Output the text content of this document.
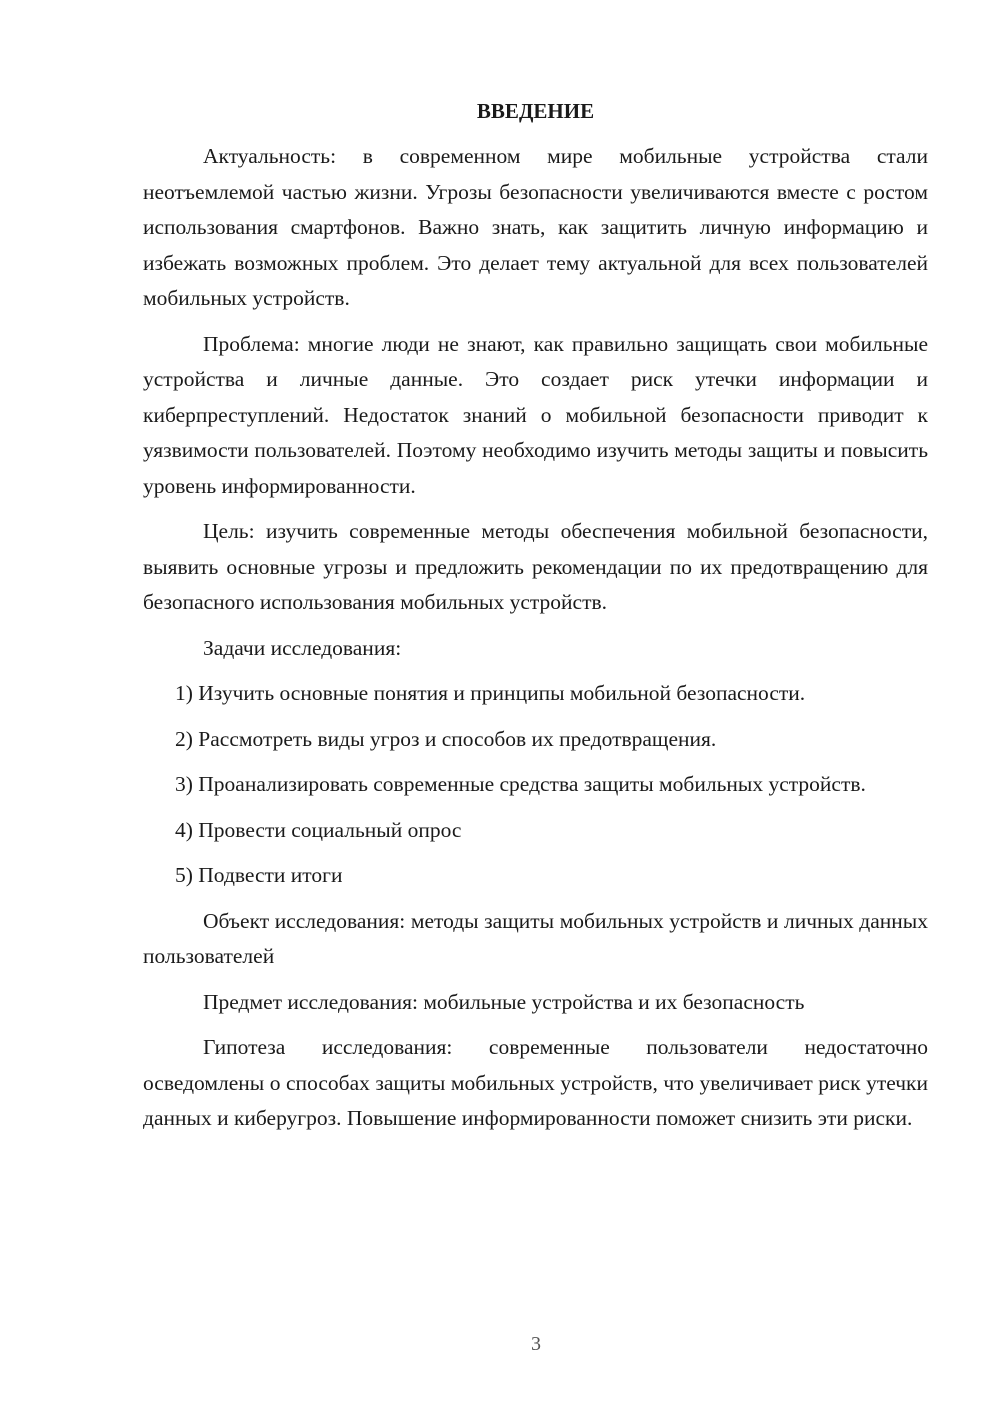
ВВЕДЕНИЕ

Актуальность: в современном мире мобильные устройства стали неотъемлемой частью жизни. Угрозы безопасности увеличиваются вместе с ростом использования смартфонов. Важно знать, как защитить личную информацию и избежать возможных проблем. Это делает тему актуальной для всех пользователей мобильных устройств.

Проблема: многие люди не знают, как правильно защищать свои мобильные устройства и личные данные. Это создает риск утечки информации и киберпреступлений. Недостаток знаний о мобильной безопасности приводит к уязвимости пользователей. Поэтому необходимо изучить методы защиты и повысить уровень информированности.

Цель: изучить современные методы обеспечения мобильной безопасности, выявить основные угрозы и предложить рекомендации по их предотвращению для безопасного использования мобильных устройств.

Задачи исследования:

1) Изучить основные понятия и принципы мобильной безопасности.

2) Рассмотреть виды угроз и способов их предотвращения.

3) Проанализировать современные средства защиты мобильных устройств.

4) Провести социальный опрос

5) Подвести итоги

Объект исследования: методы защиты мобильных устройств и личных данных пользователей

Предмет исследования: мобильные устройства и их безопасность

Гипотеза исследования: современные пользователи недостаточно осведомлены о способах защиты мобильных устройств, что увеличивает риск утечки данных и киберугроз. Повышение информированности поможет снизить эти риски.

3
